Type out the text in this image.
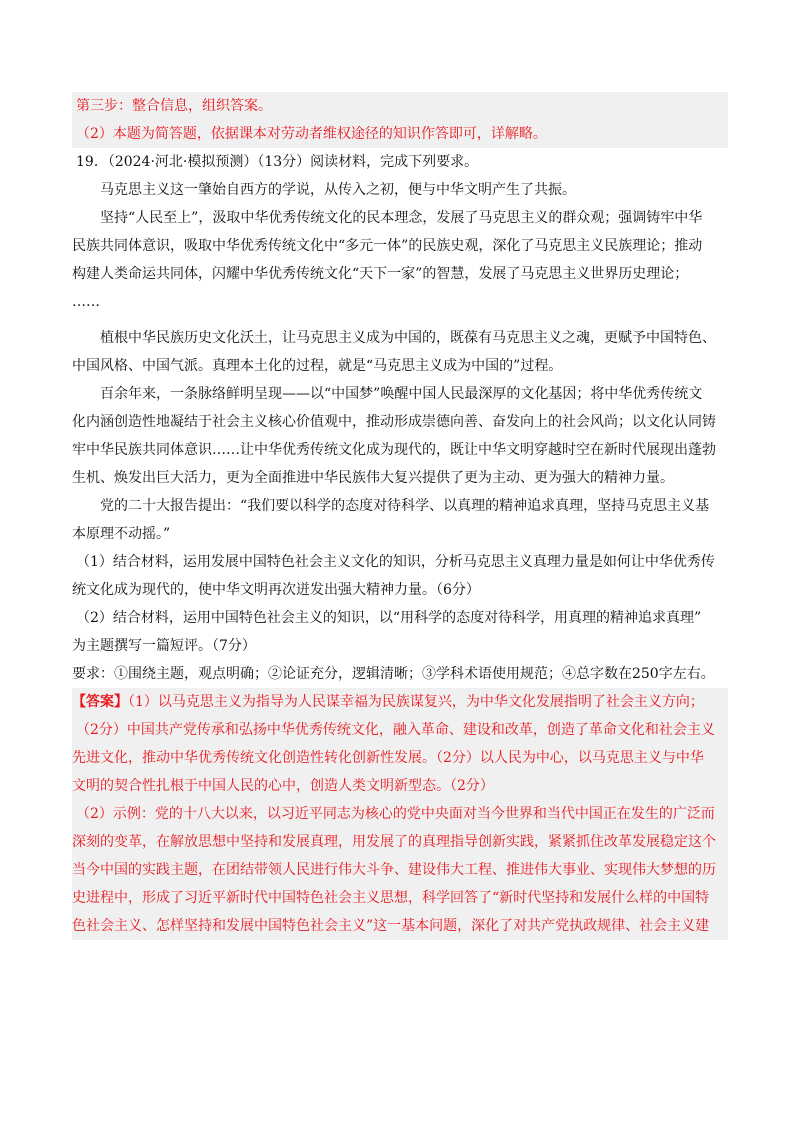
第三步：整合信息，组织答案。
（2）本题为简答题，依据课本对劳动者维权途径的知识作答即可，详解略。
19．（2024·河北·模拟预测）（13分）阅读材料，完成下列要求。
马克思主义这一肇始自西方的学说，从传入之初，便与中华文明产生了共振。
坚持“人民至上”，汲取中华优秀传统文化的民本理念，发展了马克思主义的群众观；强调铸牢中华
民族共同体意识，吸取中华优秀传统文化中“多元一体”的民族史观，深化了马克思主义民族理论；推动
构建人类命运共同体，闪耀中华优秀传统文化“天下一家”的智慧，发展了马克思主义世界历史理论；
……
植根中华民族历史文化沃土，让马克思主义成为中国的，既葆有马克思主义之魂，更赋予中国特色、
中国风格、中国气派。真理本土化的过程，就是“马克思主义成为中国的”过程。
百余年来，一条脉络鲜明呈现——以“中国梦”唤醒中国人民最深厚的文化基因；将中华优秀传统文
化内涵创造性地凝结于社会主义核心价值观中，推动形成崇德向善、奋发向上的社会风尚；以文化认同铸
牢中华民族共同体意识……让中华优秀传统文化成为现代的，既让中华文明穿越时空在新时代展现出蓬勃
生机、焕发出巨大活力，更为全面推进中华民族伟大复兴提供了更为主动、更为强大的精神力量。
党的二十大报告提出：“我们要以科学的态度对待科学、以真理的精神追求真理，坚持马克思主义基
本原理不动摇。”
（1）结合材料，运用发展中国特色社会主义文化的知识，分析马克思主义真理力量是如何让中华优秀传
统文化成为现代的，使中华文明再次迸发出强大精神力量。（6分）
（2）结合材料，运用中国特色社会主义的知识，以“用科学的态度对待科学，用真理的精神追求真理”
为主题撰写一篇短评。（7分）
要求：①围绕主题，观点明确；②论证充分，逻辑清晰；③学科术语使用规范；④总字数在250字左右。
【答案】（1）以马克思主义为指导为人民谋幸福为民族谋复兴，为中华文化发展指明了社会主义方向；
（2分）中国共产党传承和弘扬中华优秀传统文化，融入革命、建设和改革，创造了革命文化和社会主义
先进文化，推动中华优秀传统文化创造性转化创新性发展。（2分）以人民为中心，以马克思主义与中华
文明的契合性扎根于中国人民的心中，创造人类文明新型态。（2分）
（2）示例：党的十八大以来，以习近平同志为核心的党中央面对当今世界和当代中国正在发生的广泛而
深刻的变革，在解放思想中坚持和发展真理，用发展了的真理指导创新实践，紧紧抓住改革发展稳定这个
当今中国的实践主题，在团结带领人民进行伟大斗争、建设伟大工程、推进伟大事业、实现伟大梦想的历
史进程中，形成了习近平新时代中国特色社会主义思想，科学回答了“新时代坚持和发展什么样的中国特
色社会主义、怎样坚持和发展中国特色社会主义”这一基本问题，深化了对共产党执政规律、社会主义建
